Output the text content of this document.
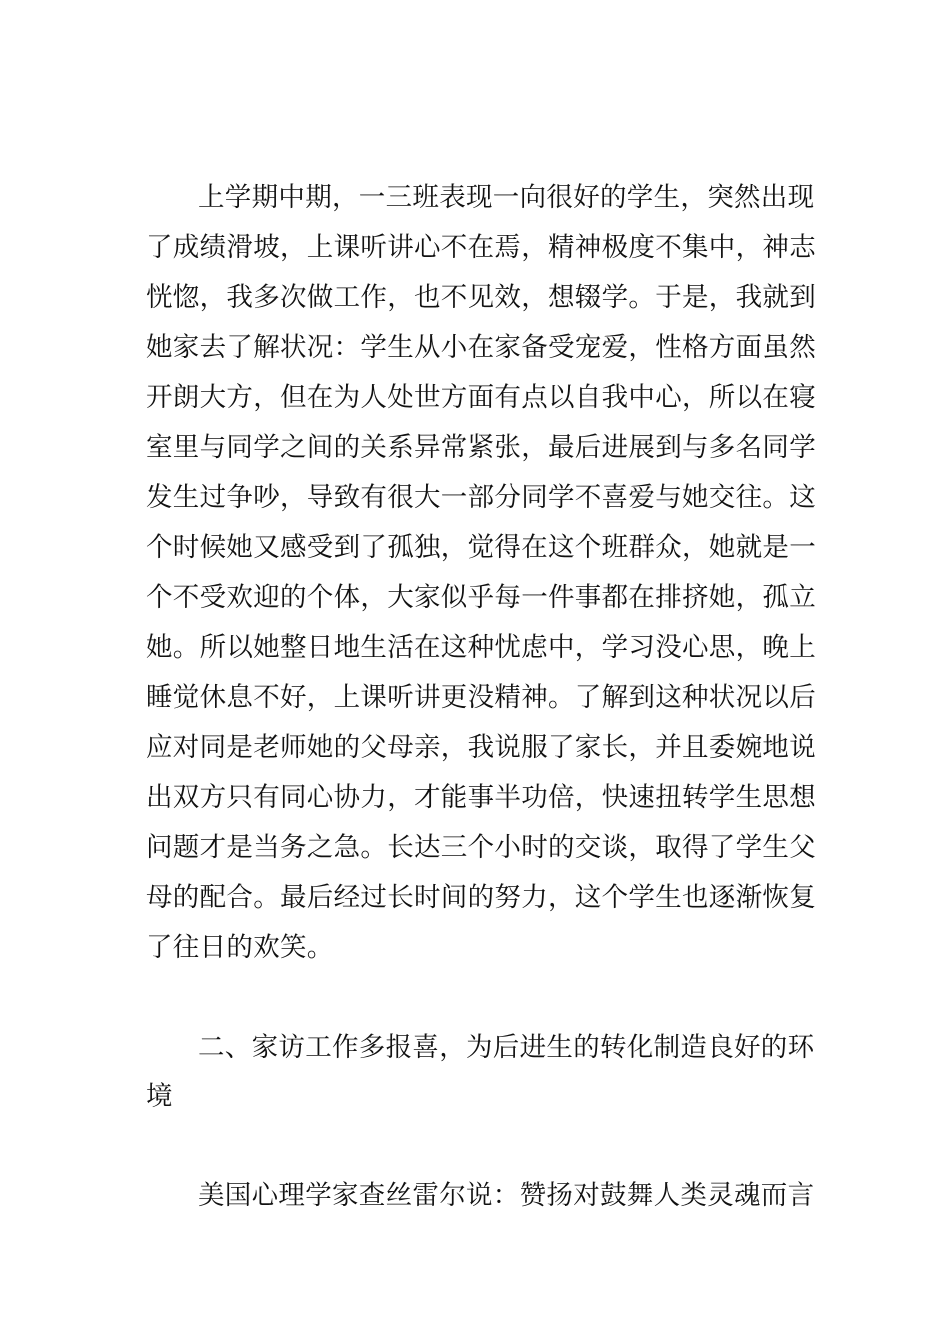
上学期中期，一三班表现一向很好的学生，突然出现
了成绩滑坡，上课听讲心不在焉，精神极度不集中，神志
恍惚，我多次做工作，也不见效，想辍学。于是，我就到
她家去了解状况：学生从小在家备受宠爱，性格方面虽然
开朗大方，但在为人处世方面有点以自我中心，所以在寝
室里与同学之间的关系异常紧张，最后进展到与多名同学
发生过争吵，导致有很大一部分同学不喜爱与她交往。这
个时候她又感受到了孤独，觉得在这个班群众，她就是一
个不受欢迎的个体，大家似乎每一件事都在排挤她，孤立
她。所以她整日地生活在这种忧虑中，学习没心思，晚上
睡觉休息不好，上课听讲更没精神。了解到这种状况以后
应对同是老师她的父母亲，我说服了家长，并且委婉地说
出双方只有同心协力，才能事半功倍，快速扭转学生思想
问题才是当务之急。长达三个小时的交谈，取得了学生父
母的配合。最后经过长时间的努力，这个学生也逐渐恢复
了往日的欢笑。
二、家访工作多报喜，为后进生的转化制造良好的环
境
美国心理学家查丝雷尔说：赞扬对鼓舞人类灵魂而言
